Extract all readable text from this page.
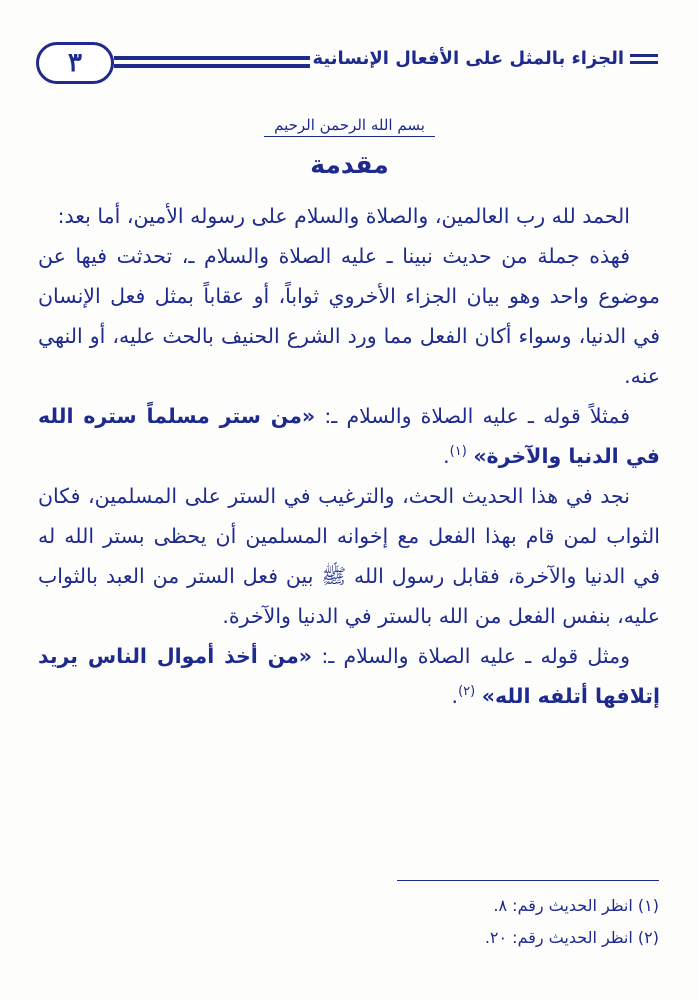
٣	الجزاء بالمثل على الأفعال الإنسانية
بسم الله الرحمن الرحيم
مقدمة

الحمد لله رب العالمين، والصلاة والسلام على رسوله الأمين، أما بعد:

فهذه جملة من حديث نبينا ـ عليه الصلاة والسلام ـ، تحدثت فيها عن موضوع واحد وهو بيان الجزاء الأخروي ثواباً، أو عقاباً بمثل فعل الإنسان في الدنيا، وسواء أكان الفعل مما ورد الشرع الحنيف بالحث عليه، أو النهي عنه.

فمثلاً قوله ـ عليه الصلاة والسلام ـ: «من ستر مسلماً ستره الله في الدنيا والآخرة» $^{(١)}$.

نجد في هذا الحديث الحث، والترغيب في الستر على المسلمين، فكان الثواب لمن قام بهذا الفعل مع إخوانه المسلمين أن يحظى بستر الله له في الدنيا والآخرة، فقابل رسول الله ﷺ بين فعل الستر من العبد بالثواب عليه، بنفس الفعل من الله بالستر في الدنيا والآخرة.

ومثل قوله ـ عليه الصلاة والسلام ـ: «من أخذ أموال الناس يريد إتلافها أتلفه الله» $^{(٢)}$.

(١) انظر الحديث رقم: ٨.
(٢) انظر الحديث رقم: ٢٠.
